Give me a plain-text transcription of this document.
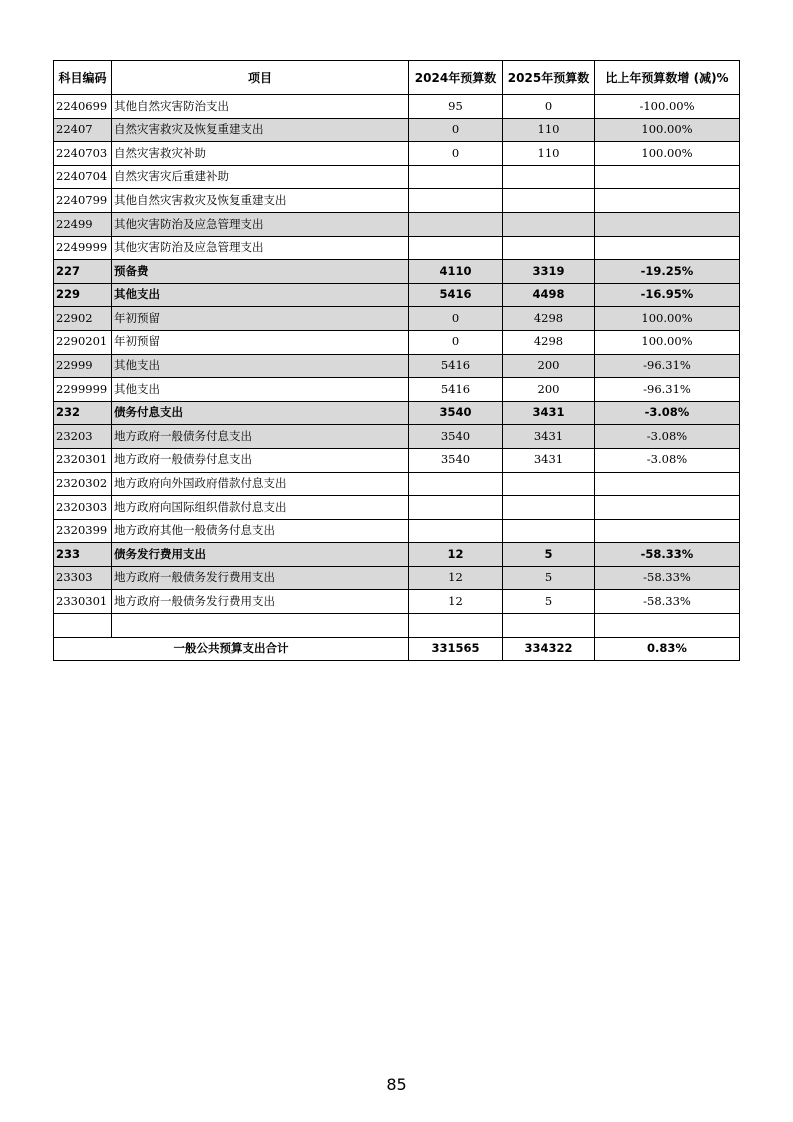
科目编码	项目	2024年预算数	2025年预算数	比上年预算数增 (减)%
2240699	其他自然灾害防治支出	95	0	-100.00%
22407	自然灾害救灾及恢复重建支出	0	110	100.00%
2240703	自然灾害救灾补助	0	110	100.00%
2240704	自然灾害灾后重建补助			
2240799	其他自然灾害救灾及恢复重建支出			
22499	其他灾害防治及应急管理支出			
2249999	其他灾害防治及应急管理支出			
227	预备费	4110	3319	-19.25%
229	其他支出	5416	4498	-16.95%
22902	年初预留	0	4298	100.00%
2290201	年初预留	0	4298	100.00%
22999	其他支出	5416	200	-96.31%
2299999	其他支出	5416	200	-96.31%
232	债务付息支出	3540	3431	-3.08%
23203	地方政府一般债务付息支出	3540	3431	-3.08%
2320301	地方政府一般债券付息支出	3540	3431	-3.08%
2320302	地方政府向外国政府借款付息支出			
2320303	地方政府向国际组织借款付息支出			
2320399	地方政府其他一般债务付息支出			
233	债务发行费用支出	12	5	-58.33%
23303	地方政府一般债务发行费用支出	12	5	-58.33%
2330301	地方政府一般债务发行费用支出	12	5	-58.33%

一般公共预算支出合计		331565	334322	0.83%
85
